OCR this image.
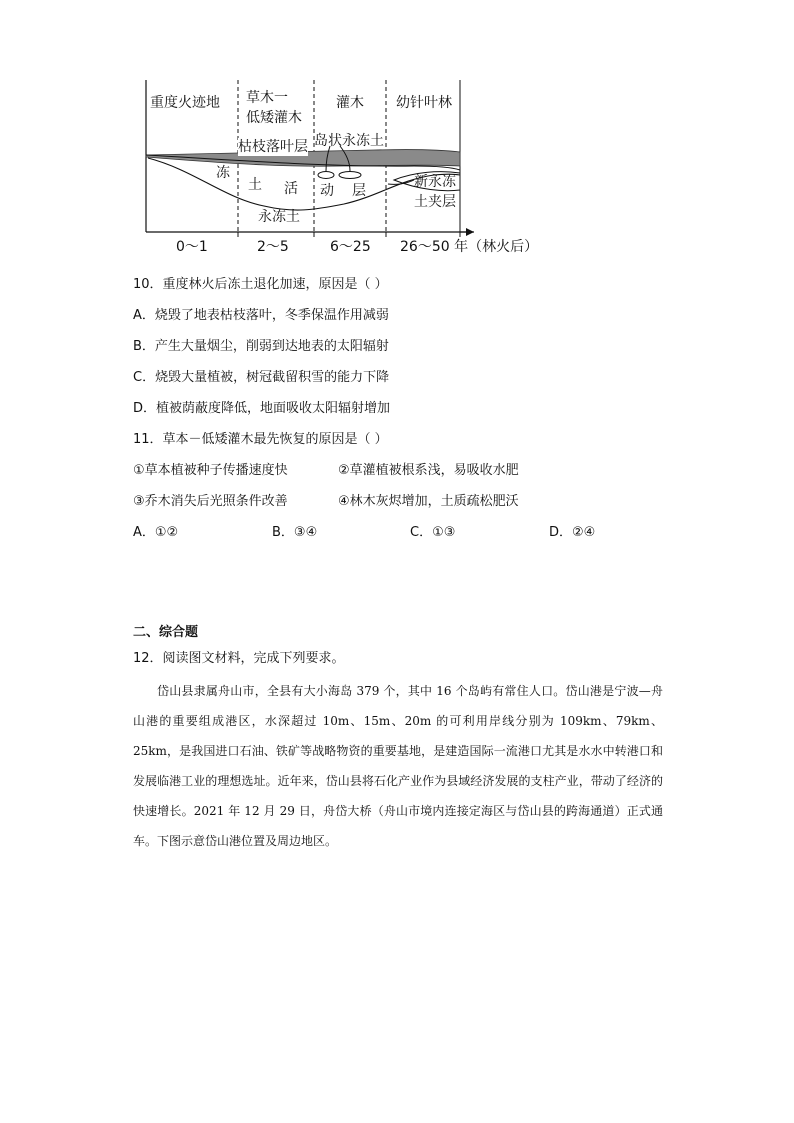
重度火迹地 草木一
低矮灌木
灌木 幼针叶林
枯枝落叶层 岛状永冻土
冻
土 活 动 层
永冻土
新永冻
土夹层
0～1	2～5	6～25 26～50 年（林火后）
10．重度林火后冻土退化加速，原因是（ ）
A．烧毁了地表枯枝落叶，冬季保温作用减弱
B．产生大量烟尘，削弱到达地表的太阳辐射
C．烧毁大量植被，树冠截留积雪的能力下降
D．植被荫蔽度降低，地面吸收太阳辐射增加
11．草本－低矮灌木最先恢复的原因是（ ）
①草本植被种子传播速度快	②草灌植被根系浅，易吸收水肥
③乔木消失后光照条件改善	④林木灰烬增加，土质疏松肥沃
A．①②	B．③④	C．①③	D．②④
二、综合题
12．阅读图文材料，完成下列要求。
岱山县隶属舟山市，全县有大小海岛 379 个，其中 16 个岛屿有常住人口。岱山港是宁波—舟山港的重要组成港区，水深超过 10m、15m、20m 的可利用岸线分别为 109km、79km、25km，是我国进口石油、铁矿等战略物资的重要基地，是建造国际一流港口尤其是水水中转港口和发展临港工业的理想选址。近年来，岱山县将石化产业作为县域经济发展的支柱产业，带动了经济的快速增长。2021 年 12 月 29 日，舟岱大桥（舟山市境内连接定海区与岱山县的跨海通道）正式通车。下图示意岱山港位置及周边地区。
